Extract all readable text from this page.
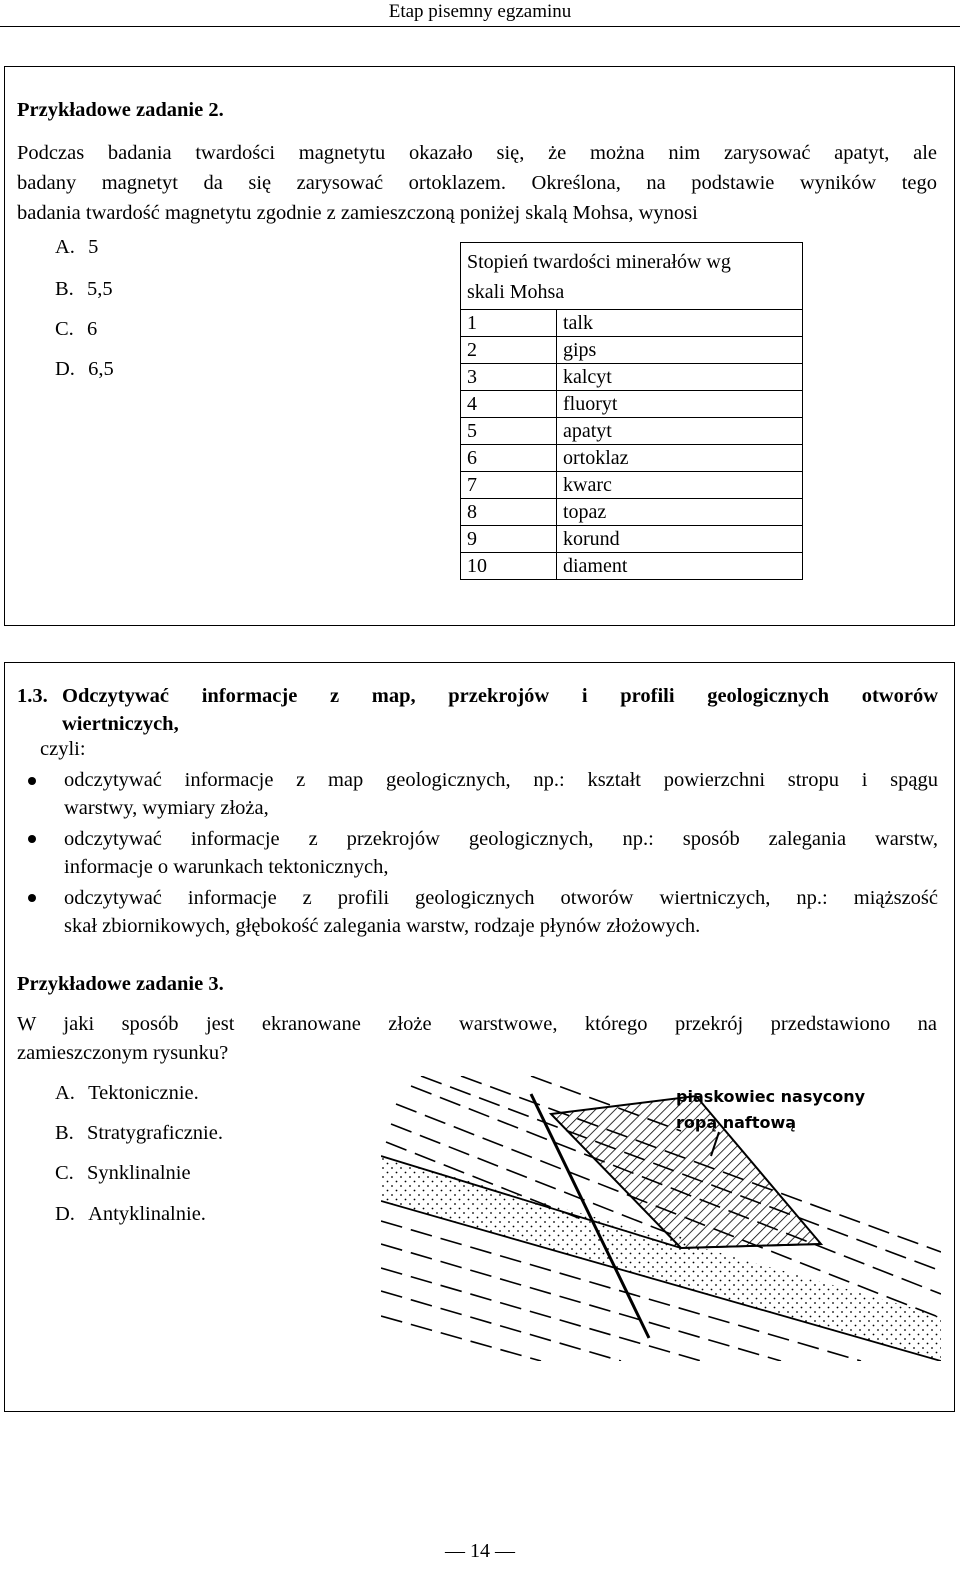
Etap pisemny egzaminu
Przykładowe zadanie 2.
Podczas badania twardości magnetytu okazało się, że można nim zarysować apatyt, ale
badany magnetyt da się zarysować ortoklazem. Określona, na podstawie wyników tego
badania twardość magnetytu zgodnie z zamieszczoną poniżej skalą Mohsa, wynosi
A. 5
B. 5,5
C. 6
D. 6,5
Stopień twardości minerałów wg
skali Mohsa	

1	talk
2	gips
3	kalcyt
4	fluoryt
5	apatyt
6	ortoklaz
7	kwarc
8	topaz
9	korund
10	diament
1.3. Odczytywać informacje z map, przekrojów i profili geologicznych otworów
wiertniczych,
czyli:
odczytywać informacje z map geologicznych, np.: kształt powierzchni stropu i spągu
warstwy, wymiary złoża,
odczytywać informacje z przekrojów geologicznych, np.: sposób zalegania warstw,
informacje o warunkach tektonicznych,
odczytywać informacje z profili geologicznych otworów wiertniczych, np.: miąższość
skał zbiornikowych, głębokość zalegania warstw, rodzaje płynów złożowych.
Przykładowe zadanie 3.
W jaki sposób jest ekranowane złoże warstwowe, którego przekrój przedstawiono na
zamieszczonym rysunku?
A. Tektonicznie.
B. Stratygraficznie.
C. Synklinalnie
D. Antyklinalnie.
piaskowiec nasycony
ropą naftową
— 14 —
